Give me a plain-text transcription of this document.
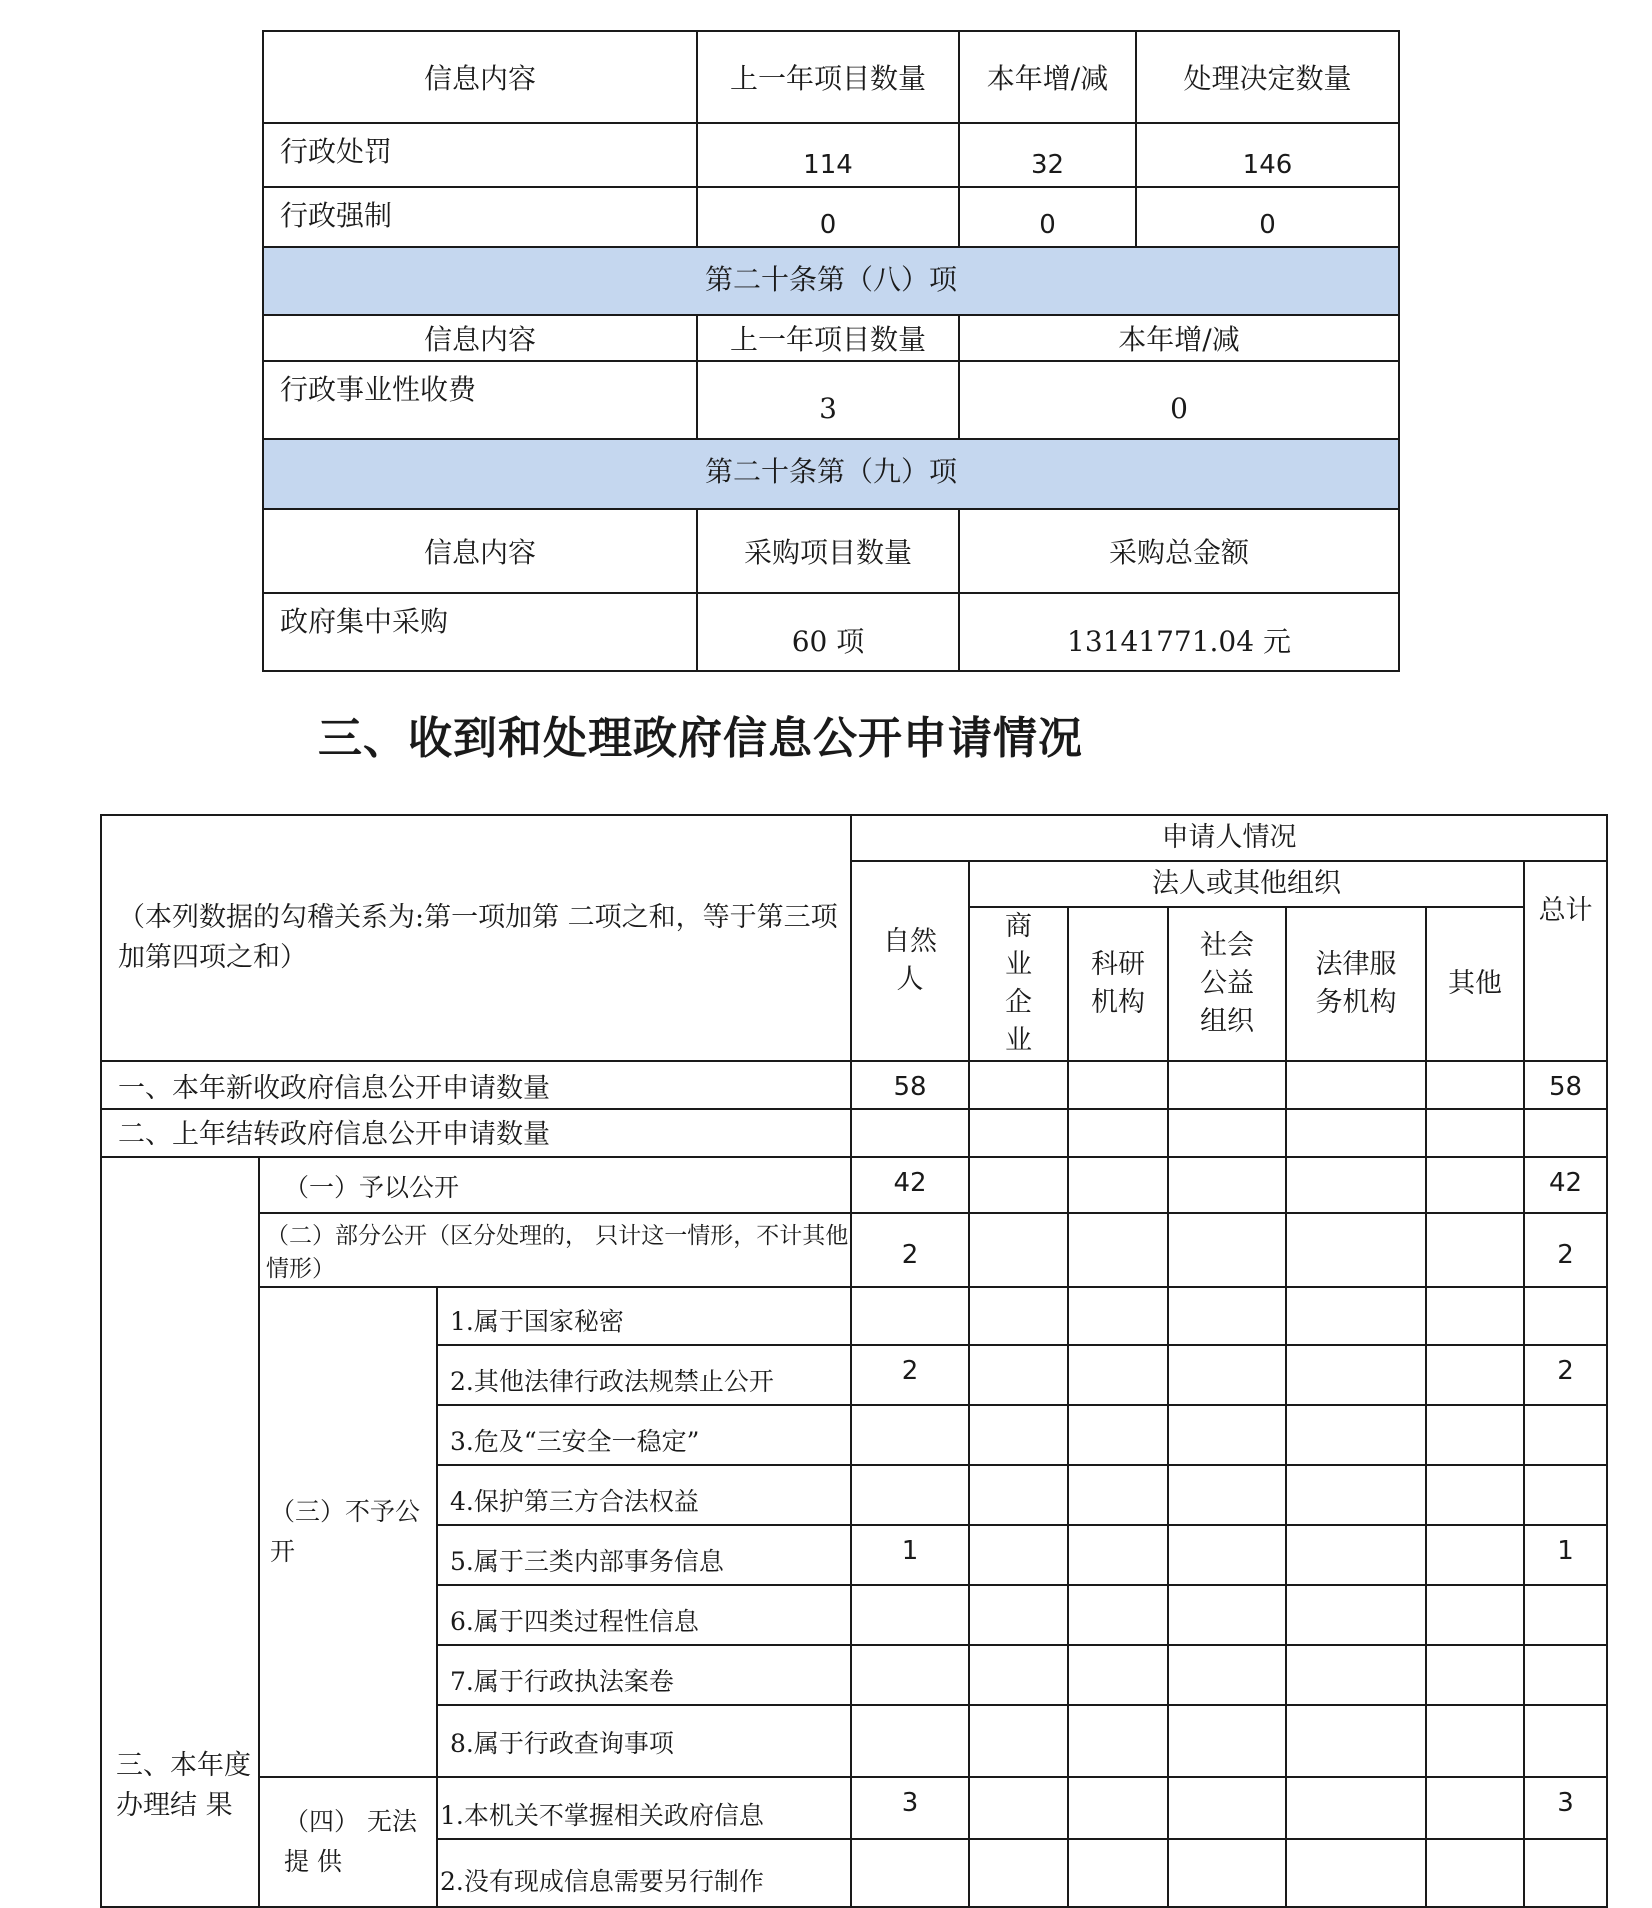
信息内容	上一年项目数量	本年增/减	处理决定数量
行政处罚	114	32	146
行政强制	0	0	0
第二十条第（八）项			
信息内容	上一年项目数量	本年增/减	
行政事业性收费	3	0	
第二十条第（九）项			
信息内容	采购项目数量	采购总金额	
政府集中采购	60 项	13141771.04 元	
三、收到和处理政府信息公开申请情况
（本列数据的勾稽关系为:第一项加第 二项之和，等于第三项加第四项之和）			申请人情况						
			自然人	法人或其他组织					总计
				商业企业	科研机构	社会公益组织	法律服务机构	其他	
一、本年新收政府信息公开申请数量			58						58
二、上年结转政府信息公开申请数量									
三、本年度办理结 果	（一）予以公开		42						42
	（二）部分公开（区分处理的， 只计这一情形，不计其他情形）		2						2
	（三）不予公开	1.属于国家秘密							
		2.其他法律行政法规禁止公开	2						2
		3.危及“三安全一稳定”							
		4.保护第三方合法权益							
		5.属于三类内部事务信息	1						1
		6.属于四类过程性信息							
		7.属于行政执法案卷							
		8.属于行政查询事项							
	（四） 无法提 供	1.本机关不掌握相关政府信息	3						3
		2.没有现成信息需要另行制作							
